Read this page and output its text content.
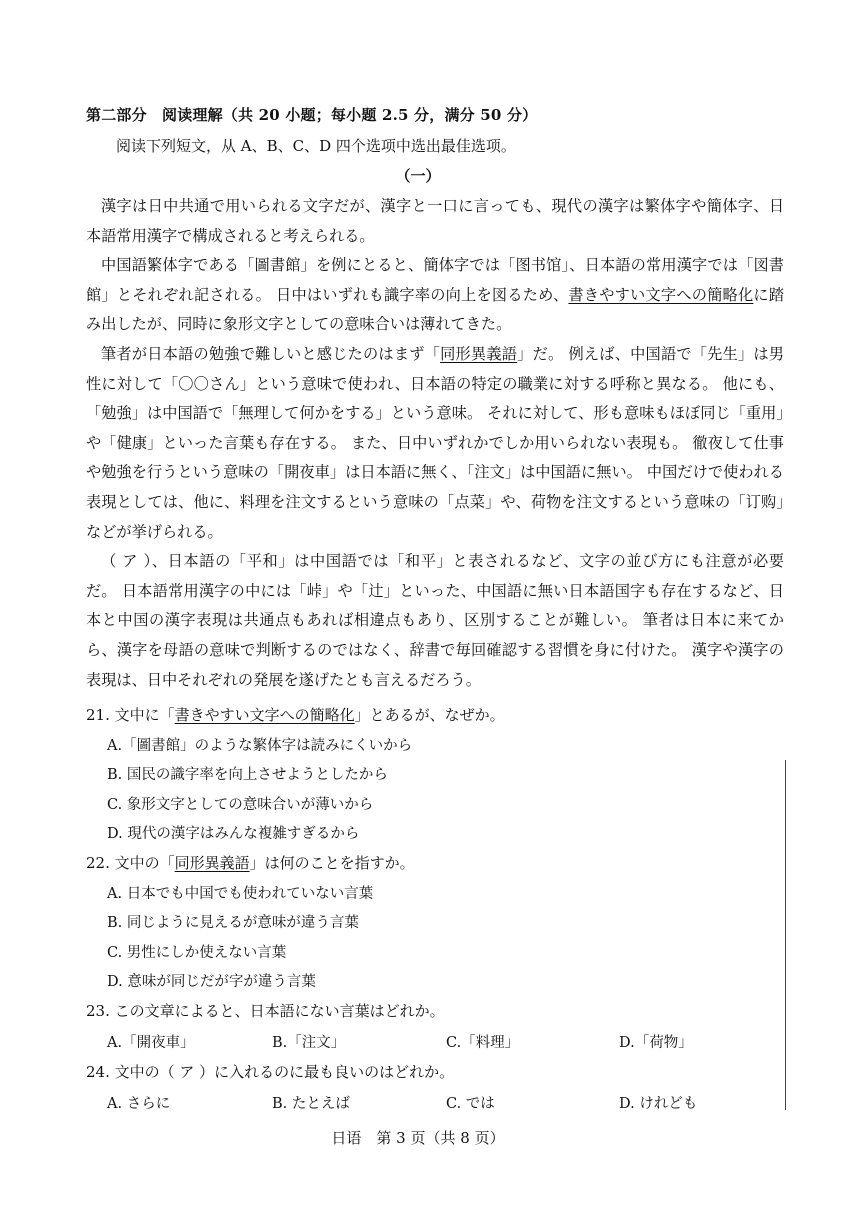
第二部分　阅读理解（共 20 小题；每小题 2.5 分，满分 50 分）
阅读下列短文，从 A、B、C、D 四个选项中选出最佳选项。
（一）

漢字は日中共通で用いられる文字だが、漢字と一口に言っても、現代の漢字は繁体字や簡体字、日本語常用漢字で構成されると考えられる。

中国語繁体字である「圖書館」を例にとると、簡体字では「图书馆」、日本語の常用漢字では「図書館」とそれぞれ記される。 日中はいずれも識字率の向上を図るため、書きやすい文字への簡略化に踏み出したが、同時に象形文字としての意味合いは薄れてきた。

筆者が日本語の勉強で難しいと感じたのはまず「同形異義語」だ。 例えば、中国語で「先生」は男性に対して「〇〇さん」という意味で使われ、日本語の特定の職業に対する呼称と異なる。 他にも、「勉強」は中国語で「無理して何かをする」という意味。 それに対して、形も意味もほぼ同じ「重用」や「健康」といった言葉も存在する。 また、日中いずれかでしか用いられない表現も。 徹夜して仕事や勉強を行うという意味の「開夜車」は日本語に無く、「注文」は中国語に無い。 中国だけで使われる表現としては、他に、料理を注文するという意味の「点菜」や、荷物を注文するという意味の「订购」などが挙げられる。

（ ア ）、日本語の「平和」は中国語では「和平」と表されるなど、文字の並び方にも注意が必要だ。 日本語常用漢字の中には「峠」や「辻」といった、中国語に無い日本語国字も存在するなど、日本と中国の漢字表現は共通点もあれば相違点もあり、区別することが難しい。 筆者は日本に来てから、漢字を母語の意味で判断するのではなく、辞書で毎回確認する習慣を身に付けた。 漢字や漢字の表現は、日中それぞれの発展を遂げたとも言えるだろう。

21. 文中に「書きやすい文字への簡略化」とあるが、なぜか。
A.「圖書館」のような繁体字は読みにくいから
B. 国民の識字率を向上させようとしたから
C. 象形文字としての意味合いが薄いから
D. 現代の漢字はみんな複雑すぎるから
22. 文中の「同形異義語」は何のことを指すか。
A. 日本でも中国でも使われていない言葉
B. 同じように見えるが意味が違う言葉
C. 男性にしか使えない言葉
D. 意味が同じだが字が違う言葉
23. この文章によると、日本語にない言葉はどれか。
A.「開夜車」	B.「注文」	C.「料理」	D.「荷物」
24. 文中の（ ア ）に入れるのに最も良いのはどれか。
A. さらに	B. たとえば	C. では	D. けれども
日语　第 3 页（共 8 页）
